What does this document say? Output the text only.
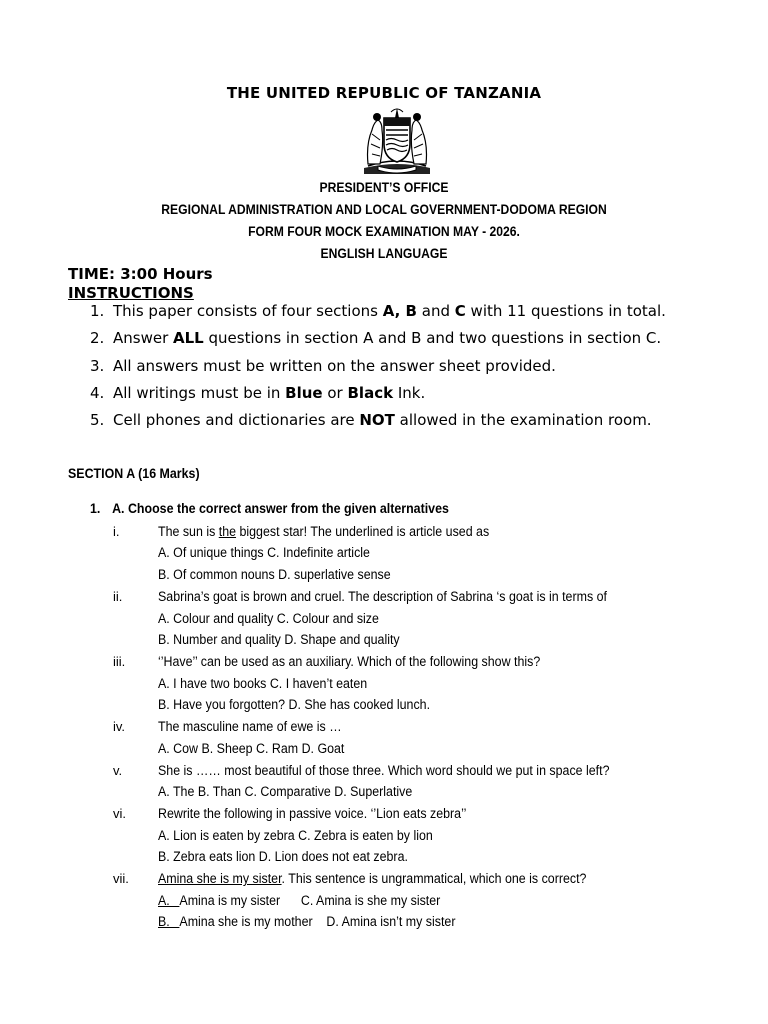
THE UNITED REPUBLIC OF TANZANIA
PRESIDENT’S OFFICE
REGIONAL ADMINISTRATION AND LOCAL GOVERNMENT-DODOMA REGION
FORM FOUR MOCK EXAMINATION MAY - 2026.
ENGLISH LANGUAGE
TIME: 3:00 Hours
INSTRUCTIONS
1. This paper consists of four sections A, B and C with 11 questions in total.
2. Answer ALL questions in section A and B and two questions in section C.
3. All answers must be written on the answer sheet provided.
4. All writings must be in Blue or Black Ink.
5. Cell phones and dictionaries are NOT allowed in the examination room.
SECTION A (16 Marks)
1. A. Choose the correct answer from the given alternatives
i.	The sun is the biggest star! The underlined is article used as
A. Of unique things C. Indefinite article
B. Of common nouns D. superlative sense
ii.	Sabrina’s goat is brown and cruel. The description of Sabrina ‘s goat is in terms of
A. Colour and quality C. Colour and size
B. Number and quality D. Shape and quality
iii. ‘’Have’’ can be used as an auxiliary. Which of the following show this?
A. I have two books C. I haven’t eaten
B. Have you forgotten? D. She has cooked lunch.
iv. The masculine name of ewe is …
A. Cow B. Sheep C. Ram D. Goat
v.	She is …… most beautiful of those three. Which word should we put in space left?
A. The B. Than C. Comparative D. Superlative
vi. Rewrite the following in passive voice. ‘’Lion eats zebra’’
A. Lion is eaten by zebra C. Zebra is eaten by lion
B. Zebra eats lion D. Lion does not eat zebra.
vii. Amina she is my sister. This sentence is ungrammatical, which one is correct?
A.   Amina is my sister      C. Amina is she my sister
B.   Amina she is my mother    D. Amina isn’t my sister
